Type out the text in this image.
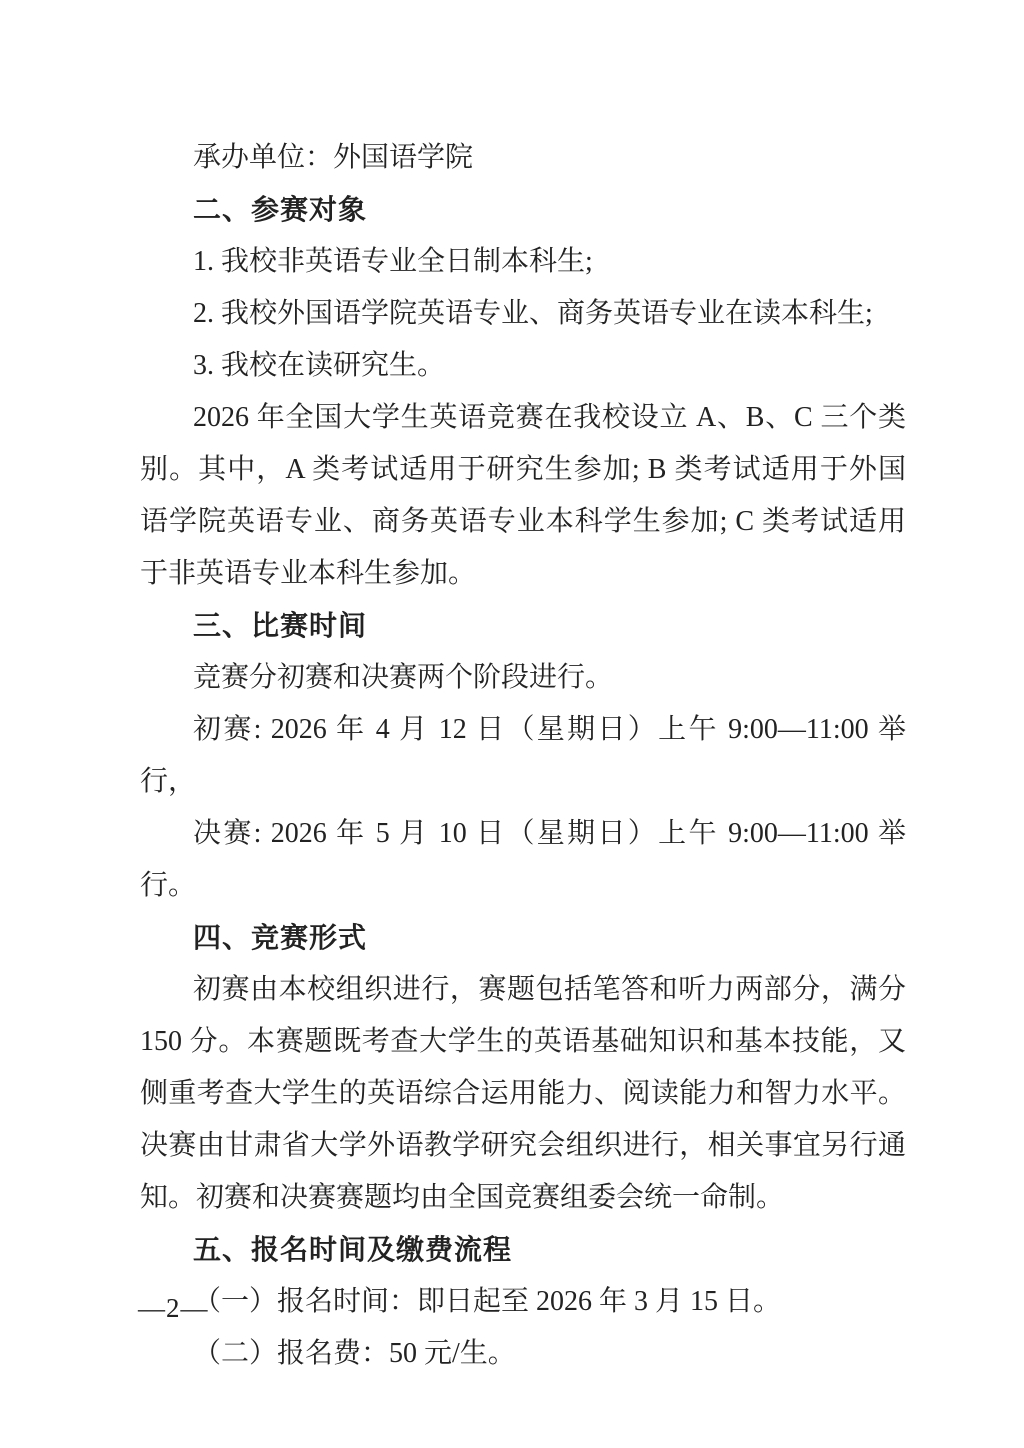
承办单位：外国语学院

二、参赛对象

1. 我校非英语专业全日制本科生;

2. 我校外国语学院英语专业、商务英语专业在读本科生;

3. 我校在读研究生。

2026 年全国大学生英语竞赛在我校设立 A、B、C 三个类别。其中，A 类考试适用于研究生参加; B 类考试适用于外国语学院英语专业、商务英语专业本科学生参加; C 类考试适用于非英语专业本科生参加。

三、比赛时间

竞赛分初赛和决赛两个阶段进行。

初赛: 2026 年 4 月 12 日（星期日）上午 9:00—11:00 举行，

决赛: 2026 年 5 月 10 日（星期日）上午 9:00—11:00 举行。

四、竞赛形式

初赛由本校组织进行，赛题包括笔答和听力两部分，满分 150 分。本赛题既考查大学生的英语基础知识和基本技能，又侧重考查大学生的英语综合运用能力、阅读能力和智力水平。决赛由甘肃省大学外语教学研究会组织进行，相关事宜另行通知。初赛和决赛赛题均由全国竞赛组委会统一命制。

五、报名时间及缴费流程

（一）报名时间：即日起至 2026 年 3 月 15 日。

（二）报名费：50 元/生。

—2—
